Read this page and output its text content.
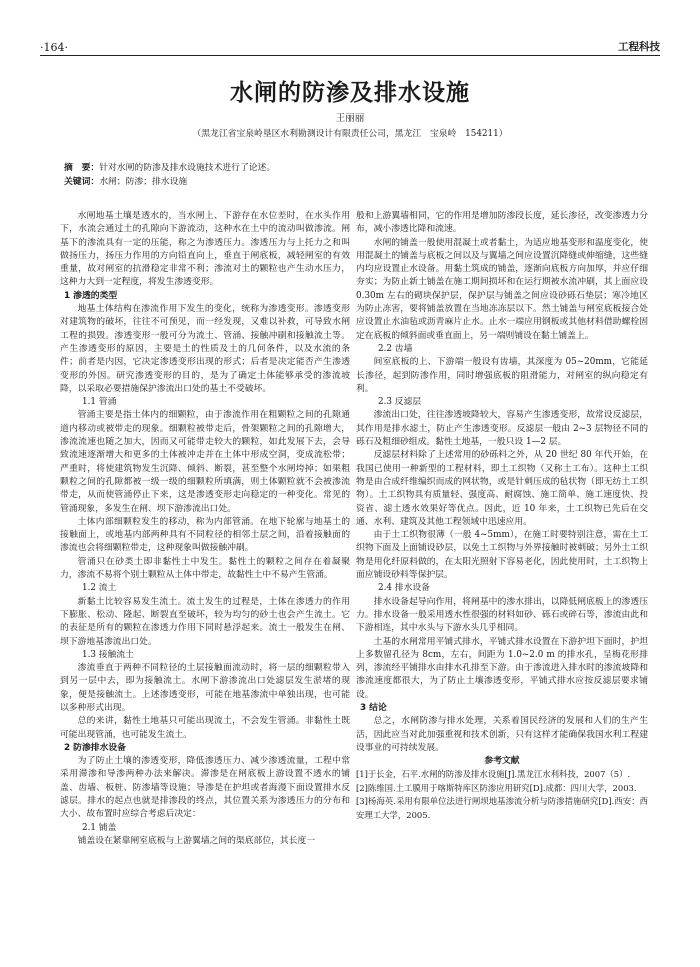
·164·	工程科技
水闸的防渗及排水设施
王丽丽
（黑龙江省宝泉岭垦区水利勘测设计有限责任公司，黑龙江　宝泉岭　154211）
摘　要：针对水闸的防渗及排水设施技术进行了论述。
关键词：水闸；防渗；排水设施

水闸地基土壤是透水的，当水闸上、下游存在水位差时，在水头作用下，水流会通过土的孔隙向下游流动，这种水在土中的流动叫做渗流。闸基下的渗流具有一定的压能，称之为渗透压力。渗透压力与上托力之和叫做扬压力，扬压力作用的方向铅直向上，垂直于闸底板，减轻闸室的有效重量，故对闸室的抗滑稳定非常不利；渗流对土的颗粒也产生动水压力，这种力大到一定程度，将发生渗透变形。

1 渗透的类型

地基土体结构在渗流作用下发生的变化，统称为渗透变形。渗透变形对建筑物的破坏，往往不可预见，而一经发现，又难以补救，可导致水闸工程的损毁。渗透变形一般可分为流土、管涌、接触冲刷和接触流土等。产生渗透变形的原因，主要是土的性质及土的几何条件，以及水流的条件；前者是内因，它决定渗透变形出现的形式；后者是决定能否产生渗透变形的外因。研究渗透变形的目的，是为了确定土体能够承受的渗流坡降，以采取必要措施保护渗流出口处的基土不受破坏。

1.1 管涌

管涌主要是指土体内的细颗粒，由于渗流作用在粗颗粒之间的孔隙通道内移动或被带走的现象。细颗粒被带走后，骨架颗粒之间的孔隙增大，渗流流速也随之加大，因而又可能带走较大的颗粒，如此发展下去，会导致流速逐渐增大和更多的土体被冲走并在土体中形成空洞，变成流松带；严重时，将使建筑物发生沉降、倾斜、断裂，甚至整个水闸垮掉；如果粗颗粒之间的孔隙都被一级一级的细颗粒所填满，则土体颗粒就不会被渗流带走，从而使管涌停止下来，这是渗透变形走向稳定的一种变化。常见的管涌现象，多发生在闸、坝下游渗流出口处。

土体内部细颗粒发生的移动，称为内部管涌。在地下轮廓与地基土的接触面上，或地基内部两种具有不同粒径的相邻土层之间，沿着接触面的渗流也会将细颗粒带走，这种现象叫做接触冲刷。

管涌只在砂类土即非黏性土中发生。黏性土的颗粒之间存在着凝聚力，渗流不易将个别土颗粒从土体中带走，故黏性土中不易产生管涌。

1.2 流土

新黏土比较容易发生流土。流土发生的过程是，土体在渗透力的作用下膨胀、松动、隆起、断裂直至破坏，较为均匀的砂土也会产生流土。它的表征是所有的颗粒在渗透力作用下同时悬浮起来。流土一般发生在闸、坝下游地基渗流出口处。

1.3 接触流土

渗流垂直于两种不同粒径的土层接触面流动时，将一层的细颗粒带入到另一层中去，即为接触流土。水闸下游渗流出口处滤层发生淤堵的现象，便是接触流土。上述渗透变形，可能在地基渗流中单独出现，也可能以多种形式出现。

总的来讲，黏性土地基只可能出现流土，不会发生管涌。非黏性土既可能出现管涌，也可能发生流土。

2 防渗排水设备

为了防止土壤的渗透变形，降低渗透压力、减少渗透流量，工程中常采用滞渗和导渗两种办法来解决。滞渗是在闸底板上游设置不透水的铺盖、齿墙、板桩、防渗墙等设施；导渗是在护坦或者海漫下面设置排水反滤层。排水的起点也就是排渗段的终点，其位置关系为渗透压力的分布和大小、故布置时应综合考虑后决定：

2.1 铺盖

铺盖设在紧靠闸室底板与上游翼墙之间的渠底部位，其长度一

般和上游翼墙相同，它的作用是增加防渗段长度，延长渗径，改变渗透力分布，减小渗透比降和流速。

水闸的铺盖一般使用混凝土或者黏土，为适应地基变形和温度变化，使用混凝土的铺盖与底板之间以及与翼墙之间应设置沉降缝或伸缩缝，这些缝内均应设置止水设备。用黏土筑成的铺盖，逐渐向底板方向加厚，并应仔细夯实；为防止新土铺盖在施工期间损坏和在运行期被水流冲刷，其上面应设 0.30m 左右的砌块保护层，保护层与铺盖之间应设砂砾石垫层；寒冷地区为防止冻害，要将铺盖放置在当地冻冻层以下。然土铺盖与闸室底板接合处应设置止水油毡或沥青麻片止水。止水一端应用钢板或其他材料借助螺栓固定在底板的倾斜面或垂直面上，另一端则铺设在黏土铺盖上。

2.2 齿墙

间室底板的上、下游端一般设有齿墙，其深度为 05~20mm，它能延长渗径，起到防渗作用，同时增强底板的阻滑能力，对闸室的纵向稳定有利。

2.3 反滤层

渗流出口处，往往渗透坡降较大，容易产生渗透变形，故常设反滤层，其作用是排水滤土，防止产生渗透变形。反滤层一般由 2~3 层物径不同的砾石及粗细砂组成。黏性土地基，一般只设 1—2 层。

反滤层材料除了上述常用的砂砾料之外，从 20 世纪 80 年代开始，在我国已使用一种新型的工程材料，即土工织物（又称土工布）。这种土工织物是由合成纤维编织而成的网状物，或是针刺压成的毡状物（即无纺土工织物）。土工织物具有质量轻、强度高、耐腐蚀、施工简单、施工速度快、投资省、滤土透水效果好等优点。因此，近 10 年来，土工织物已先后在交通、水利、建筑及其他工程领域中迅速应用。

由于土工织物很薄（一般 4~5mm），在施工时要特别注意，需在土工织物下面及上面铺设砂层，以免土工织物与外界接触时被刺破；另外土工织物是用化纤原料做的，在太阳光照射下容易老化，因此使用时，土工织物上面应铺设砂料等保护层。

2.4 排水设备

排水设备起导向作用，将闸基中的渗水排出，以降低闸底板上的渗透压力。排水设备一般采用透水性很强的材料如砂、砾石或碎石等，渗流由此和下游相连，其中水头与下游水头几乎相同。

土基的水闸常用平铺式排水，平铺式排水设置在下游护坦下面时，护坦上多数留孔径为 8cm，左右，间距为 1.0~2.0 m 的排水孔，呈梅花形排列，渗流经平铺排水由排水孔排至下游。由于渗流进入排水时的渗流坡降和渗流速度都很大，为了防止土壤渗透变形，平铺式排水应按反滤层要求铺设。

3 结论

总之，水闸防渗与排水处理，关系着国民经济的发展和人们的生产生活，因此应当对此加强重视和技术创新，只有这样才能确保我国水利工程建设事业的可持续发展。

参考文献

[1]于长金，石平.水闸的防渗及排水设施[J].黑龙江水利科技，2007（5）.

[2]陈维国.土工膜用于喀斯特库区防渗应用研究[D].成都：四川大学，2003.

[3]杨海英.采用有限单位法进行闸坝地基渗流分析与防渗措施研究[D].西安：西安理工大学，2005.
